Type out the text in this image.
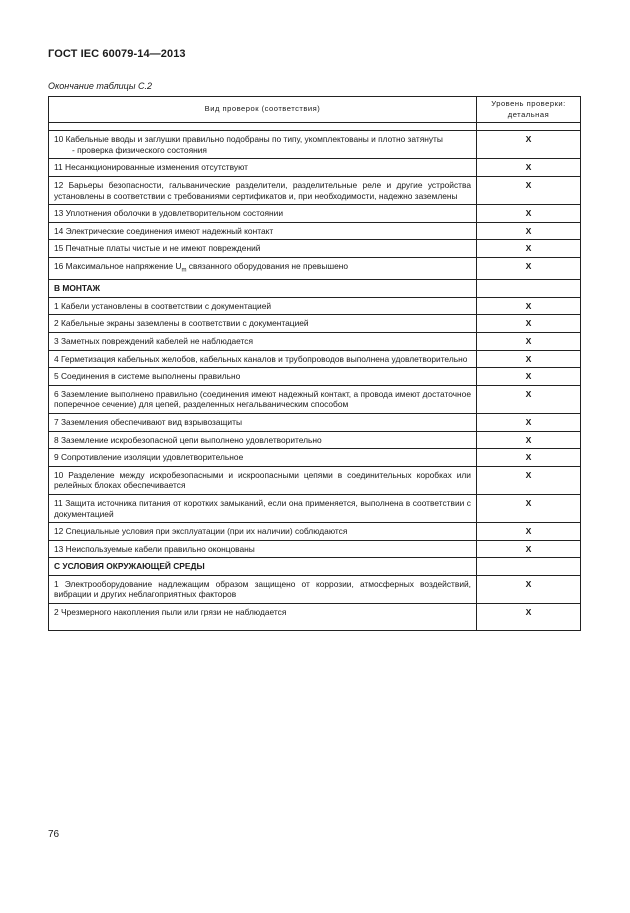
ГОСТ IEC 60079-14—2013
Окончание таблицы С.2
Вид проверок (соответствия)	Уровень проверки:
детальная

10 Кабельные вводы и заглушки правильно подобраны по типу, укомплектованы и плотно затянуты
- проверка физического состояния	X
11 Несанкционированные изменения отсутствуют	X
12 Барьеры безопасности, гальванические разделители, разделительные реле и другие устройства установлены в соответствии с требованиями сертификатов и, при необходимости, надежно заземлены	X
13 Уплотнения оболочки в удовлетворительном состоянии	X
14 Электрические соединения имеют надежный контакт	X
15 Печатные платы чистые и не имеют повреждений	X
16 Максимальное напряжение $U_m$ связанного оборудования не превышено	X
В МОНТАЖ	
1 Кабели установлены в соответствии с документацией	X
2 Кабельные экраны заземлены в соответствии с документацией	X
3 Заметных повреждений кабелей не наблюдается	X
4 Герметизация кабельных желобов, кабельных каналов и трубопроводов выполнена удовлетворительно	X
5 Соединения в системе выполнены правильно	X
6 Заземление выполнено правильно (соединения имеют надежный контакт, а провода имеют достаточное поперечное сечение) для цепей, разделенных негальваническим способом	X
7 Заземления обеспечивают вид взрывозащиты	X
8 Заземление искробезопасной цепи выполнено удовлетворительно	X
9 Сопротивление изоляции удовлетворительное	X
10 Разделение между искробезопасными и искроопасными цепями в соединительных коробках или релейных блоках обеспечивается	X
11 Защита источника питания от коротких замыканий, если она применяется, выполнена в соответствии с документацией	X
12 Специальные условия при эксплуатации (при их наличии) соблюдаются	X
13 Неиспользуемые кабели правильно оконцованы	X
С УСЛОВИЯ ОКРУЖАЮЩЕЙ СРЕДЫ	
1 Электрооборудование надлежащим образом защищено от коррозии, атмосферных воздействий, вибрации и других неблагоприятных факторов	X
2 Чрезмерного накопления пыли или грязи не наблюдается	X
76
